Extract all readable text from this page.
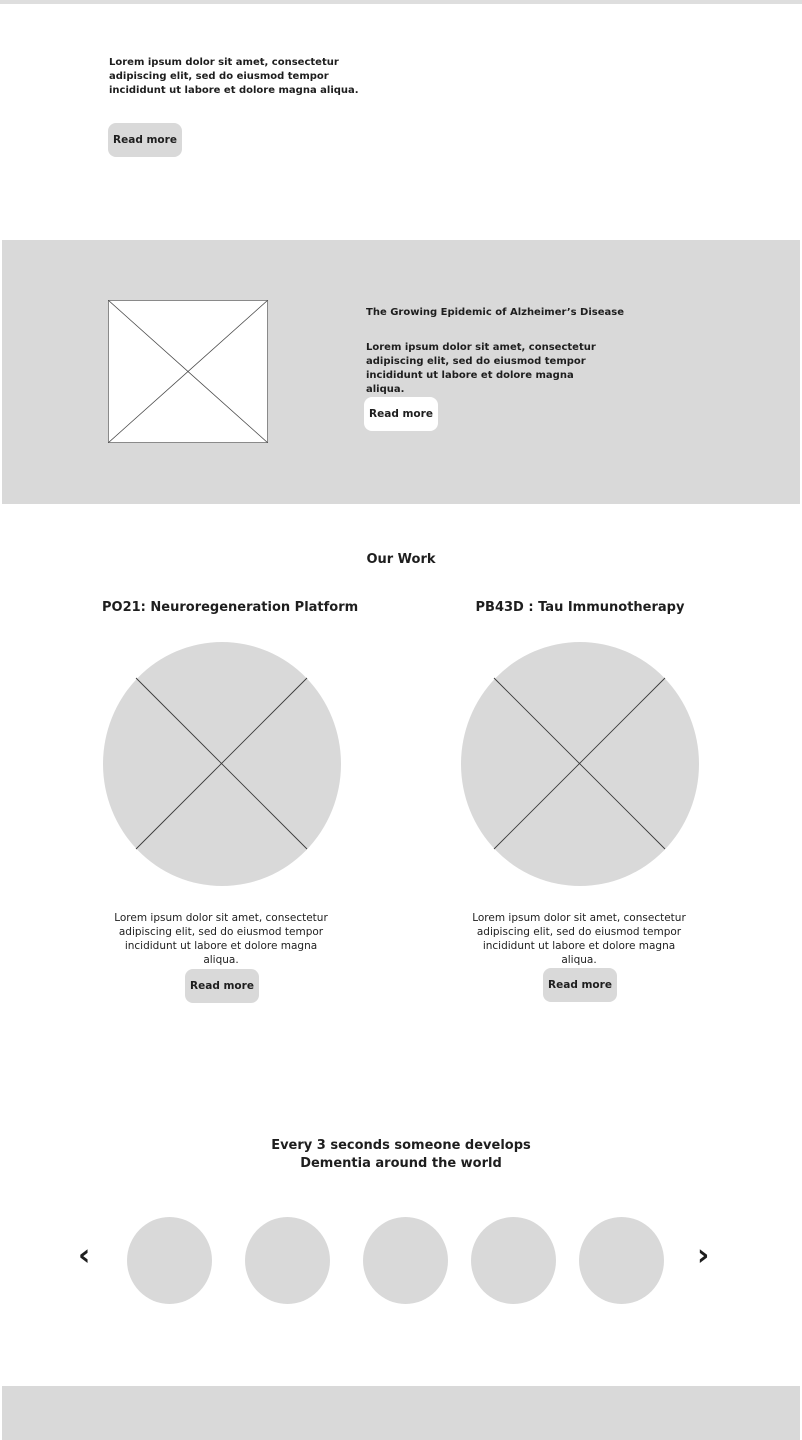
Lorem ipsum dolor sit amet, consectetur adipiscing elit, sed do eiusmod tempor incididunt ut labore et dolore magna aliqua.

Read more
The Growing Epidemic of Alzheimer’s Disease

Lorem ipsum dolor sit amet, consectetur adipiscing elit, sed do eiusmod tempor incididunt ut labore et dolore magna aliqua.

Read more
Our Work
PO21: Neuroregeneration Platform

Lorem ipsum dolor sit amet, consectetur adipiscing elit, sed do eiusmod tempor incididunt ut labore et dolore magna aliqua.

Read more
PB43D : Tau Immunotherapy

Lorem ipsum dolor sit amet, consectetur adipiscing elit, sed do eiusmod tempor incididunt ut labore et dolore magna aliqua.

Read more
Every 3 seconds someone develops
Dementia around the world
‹	›
